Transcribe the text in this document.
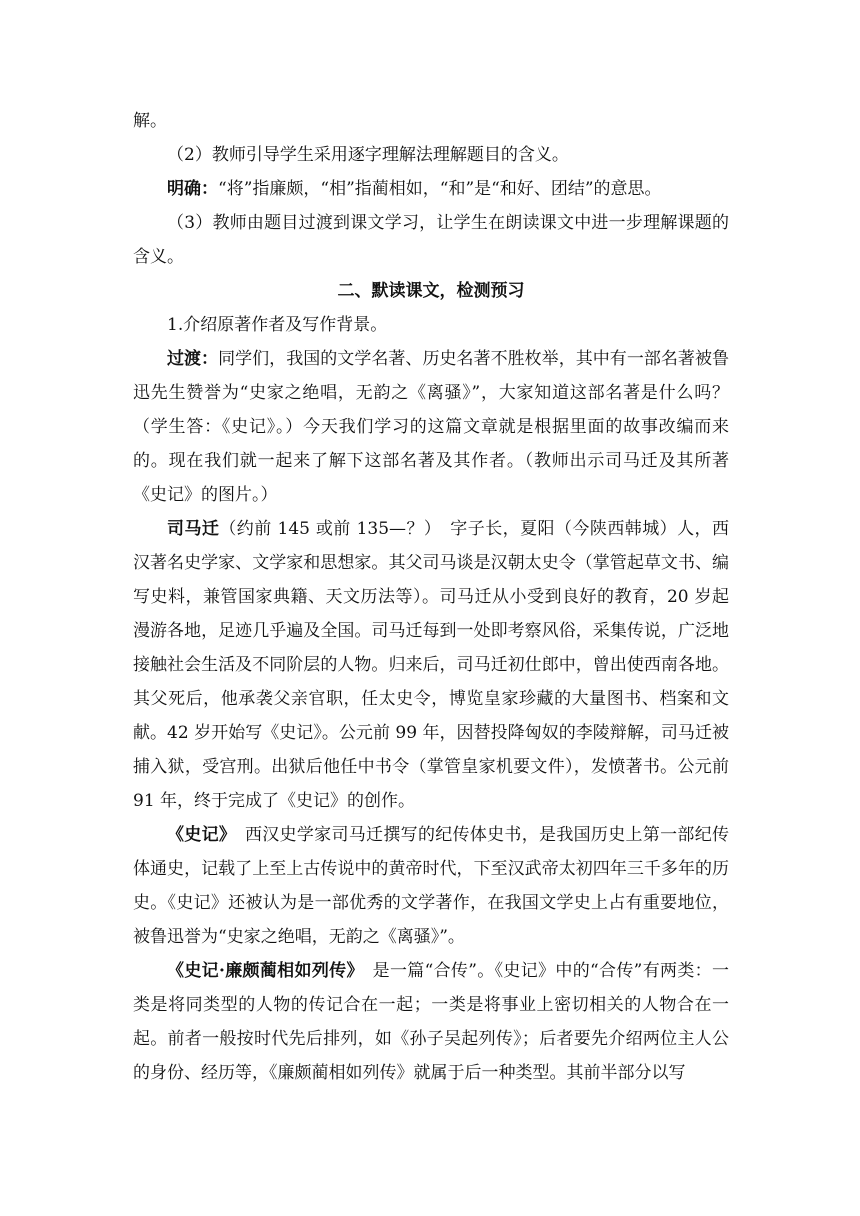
解。

（2）教师引导学生采用逐字理解法理解题目的含义。

明确：“将”指廉颇，“相”指蔺相如，“和”是“和好、团结”的意思。

（3）教师由题目过渡到课文学习，让学生在朗读课文中进一步理解课题的含义。

二、默读课文，检测预习

1.介绍原著作者及写作背景。

过渡：同学们，我国的文学名著、历史名著不胜枚举，其中有一部名著被鲁迅先生赞誉为“史家之绝唱，无韵之《离骚》”，大家知道这部名著是什么吗？（学生答：《史记》。）今天我们学习的这篇文章就是根据里面的故事改编而来的。现在我们就一起来了解下这部名著及其作者。（教师出示司马迁及其所著《史记》的图片。）

司马迁（约前 145 或前 135—？）　字子长，夏阳（今陕西韩城）人，西汉著名史学家、文学家和思想家。其父司马谈是汉朝太史令（掌管起草文书、编写史料，兼管国家典籍、天文历法等）。司马迁从小受到良好的教育，20 岁起漫游各地，足迹几乎遍及全国。司马迁每到一处即考察风俗，采集传说，广泛地接触社会生活及不同阶层的人物。归来后，司马迁初仕郎中，曾出使西南各地。其父死后，他承袭父亲官职，任太史令，博览皇家珍藏的大量图书、档案和文献。42 岁开始写《史记》。公元前 99 年，因替投降匈奴的李陵辩解，司马迁被捕入狱，受宫刑。出狱后他任中书令（掌管皇家机要文件），发愤著书。公元前 91 年，终于完成了《史记》的创作。

《史记》　西汉史学家司马迁撰写的纪传体史书，是我国历史上第一部纪传体通史，记载了上至上古传说中的黄帝时代，下至汉武帝太初四年三千多年的历史。《史记》还被认为是一部优秀的文学著作，在我国文学史上占有重要地位，被鲁迅誉为“史家之绝唱，无韵之《离骚》”。

《史记·廉颇蔺相如列传》　是一篇“合传”。《史记》中的“合传”有两类：一类是将同类型的人物的传记合在一起；一类是将事业上密切相关的人物合在一起。前者一般按时代先后排列，如《孙子吴起列传》；后者要先介绍两位主人公的身份、经历等，《廉颇蔺相如列传》就属于后一种类型。其前半部分以写
